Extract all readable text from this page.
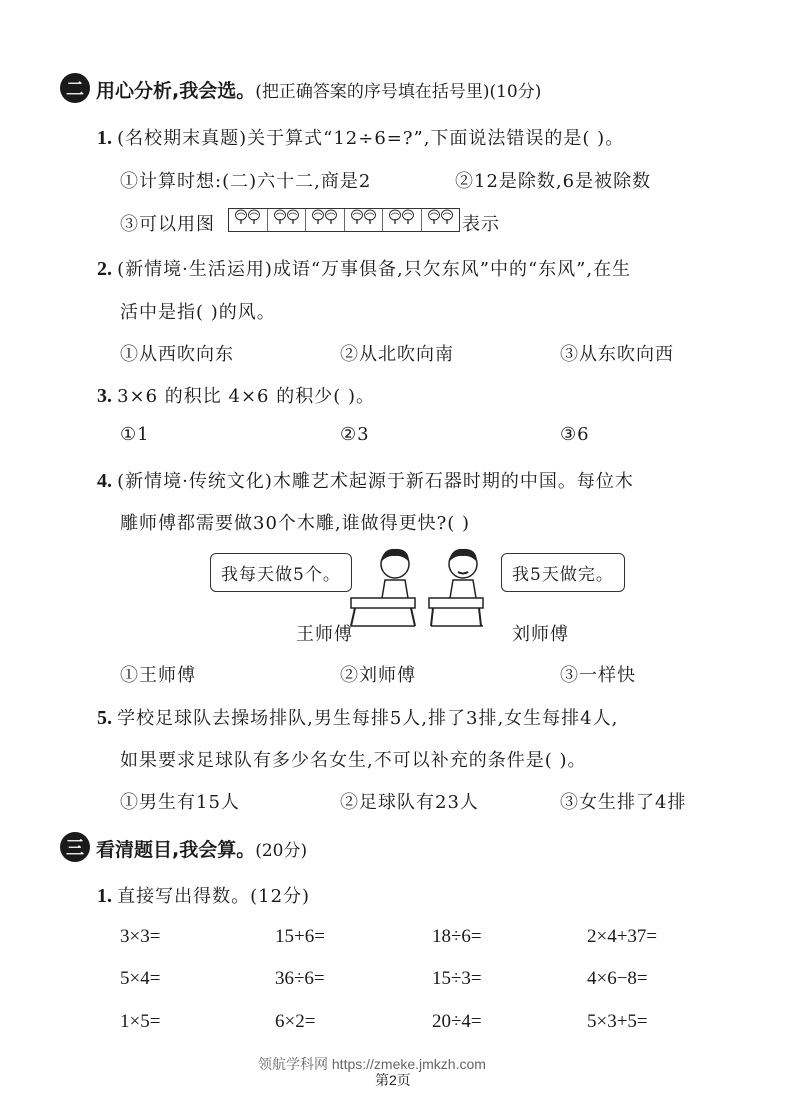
二 用心分析,我会选。(把正确答案的序号填在括号里)(10分)
1. (名校期末真题)关于算式“12÷6=?”,下面说法错误的是( )。
①计算时想:(二)六十二,商是2	②12是除数,6是被除数
③可以用图	表示
2. (新情境·生活运用)成语“万事俱备,只欠东风”中的“东风”,在生
活中是指( )的风。
①从西吹向东	②从北吹向南	③从东吹向西
3. 3×6 的积比 4×6 的积少( )。
①1	②3	③6
4. (新情境·传统文化)木雕艺术起源于新石器时期的中国。每位木
雕师傅都需要做30个木雕,谁做得更快?( )
我每天做5个。	我5天做完。
王师傅	刘师傅
①王师傅	②刘师傅	③一样快
5. 学校足球队去操场排队,男生每排5人,排了3排,女生每排4人,
如果要求足球队有多少名女生,不可以补充的条件是( )。
①男生有15人	②足球队有23人	③女生排了4排
三 看清题目,我会算。(20分)
1. 直接写出得数。(12分)
3×3=	15+6=	18÷6=	2×4+37=
5×4=	36÷6=	15÷3=	4×6−8=
1×5=	6×2=	20÷4=	5×3+5=
领航学科网 https://zmeke.jmkzh.com
第2页
